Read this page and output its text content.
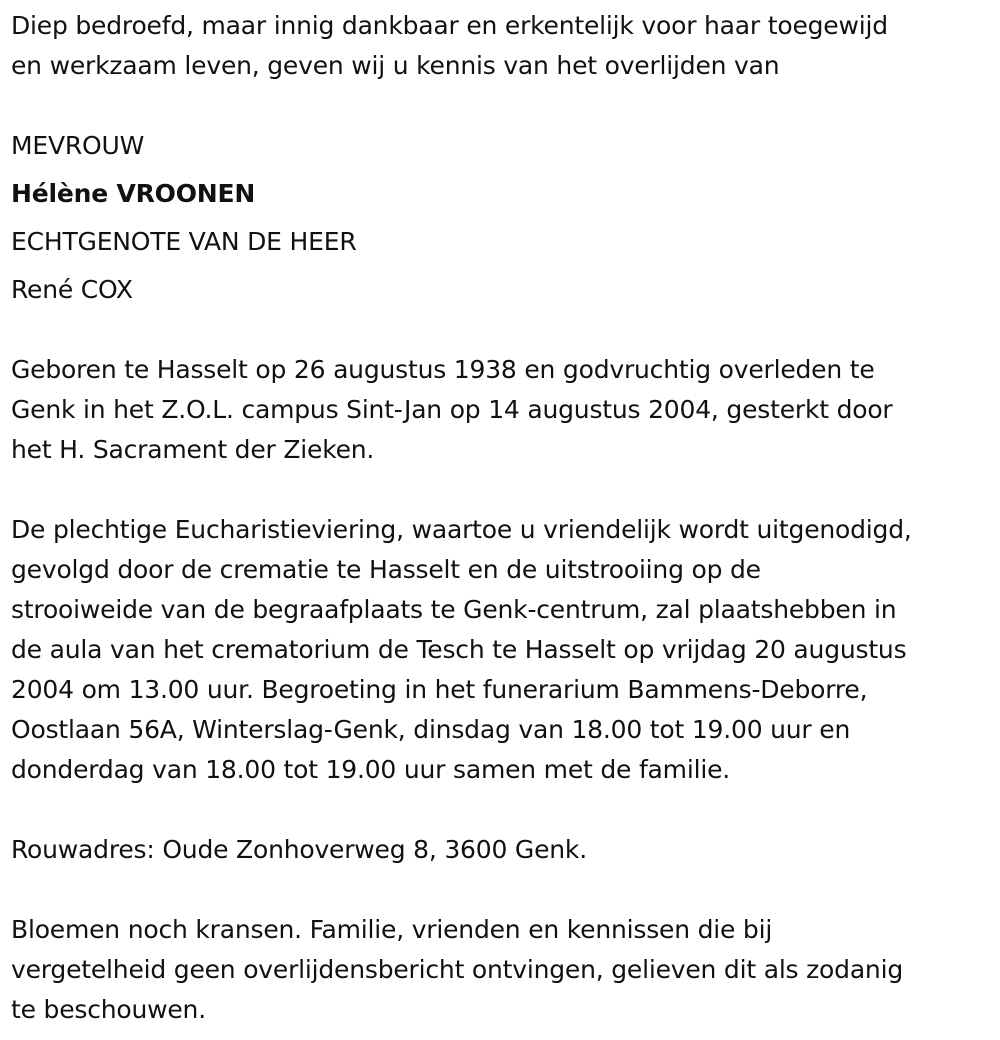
Diep bedroefd, maar innig dankbaar en erkentelijk voor haar toegewijd
en werkzaam leven, geven wij u kennis van het overlijden van
MEVROUW
Hélène VROONEN
ECHTGENOTE VAN DE HEER
René COX
Geboren te Hasselt op 26 augustus 1938 en godvruchtig overleden te
Genk in het Z.O.L. campus Sint-Jan op 14 augustus 2004, gesterkt door
het H. Sacrament der Zieken.
De plechtige Eucharistieviering, waartoe u vriendelijk wordt uitgenodigd,
gevolgd door de crematie te Hasselt en de uitstrooiing op de
strooiweide van de begraafplaats te Genk-centrum, zal plaatshebben in
de aula van het crematorium de Tesch te Hasselt op vrijdag 20 augustus
2004 om 13.00 uur. Begroeting in het funerarium Bammens-Deborre,
Oostlaan 56A, Winterslag-Genk, dinsdag van 18.00 tot 19.00 uur en
donderdag van 18.00 tot 19.00 uur samen met de familie.
Rouwadres: Oude Zonhoverweg 8, 3600 Genk.
Bloemen noch kransen. Familie, vrienden en kennissen die bij
vergetelheid geen overlijdensbericht ontvingen, gelieven dit als zodanig
te beschouwen.
